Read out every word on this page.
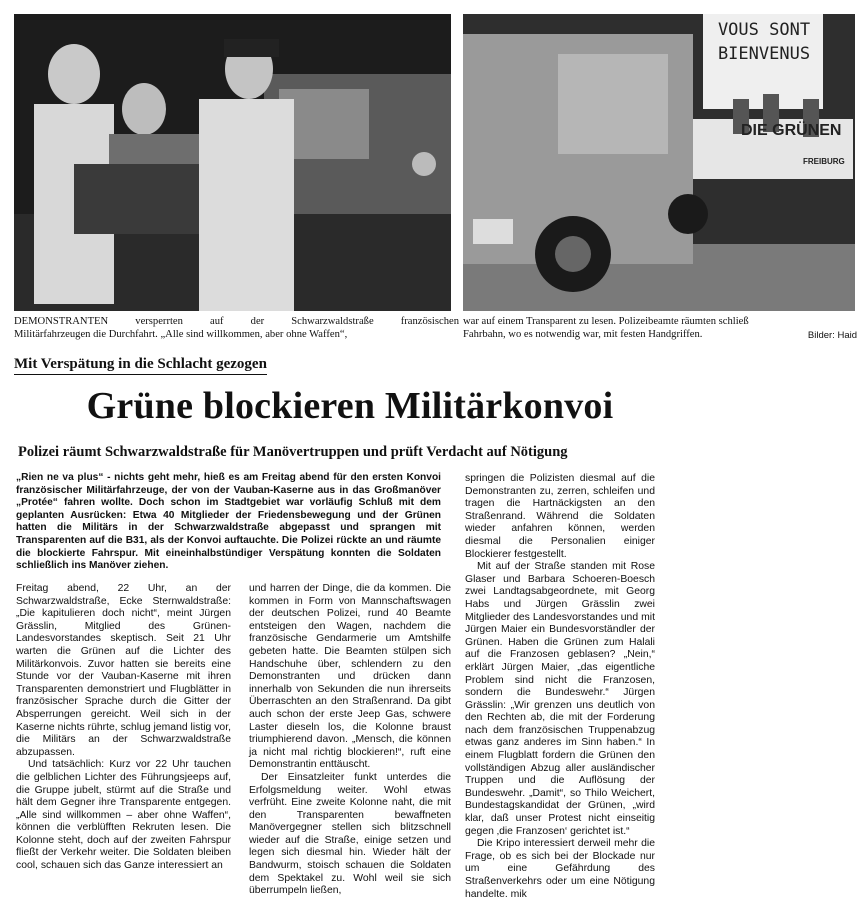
VOUS SONT
BIENVENUS
DIE GRÜNEN
FREIBURG
DEMONSTRANTEN versperrten auf der Schwarzwaldstraße französischen
Militärfahrzeugen die Durchfahrt. „Alle sind willkommen, aber ohne Waffen“,
war auf einem Transparent zu lesen. Polizeibeamte räumten schließ
Fahrbahn, wo es notwendig war, mit festen Handgriffen.	Bilder: Haid
Mit Verspätung in die Schlacht gezogen
Grüne blockieren Militärkonvoi
Polizei räumt Schwarzwaldstraße für Manövertruppen und prüft Verdacht auf Nötigung
„Rien ne va plus“ - nichts geht mehr, hieß es am Freitag abend für den ersten Konvoi französischer Militärfahrzeuge, der von der Vauban-Kaserne aus in das Großmanöver „Protée“ fahren wollte. Doch schon im Stadtgebiet war vorläufig Schluß mit dem geplanten Ausrücken: Etwa 40 Mitglieder der Friedensbewegung und der Grünen hatten die Militärs in der Schwarzwaldstraße abgepasst und sprangen mit Transparenten auf die B31, als der Konvoi auftauchte. Die Polizei rückte an und räumte die blockierte Fahrspur. Mit eineinhalbstündiger Verspätung konnten die Soldaten schließlich ins Manöver ziehen.

Freitag abend, 22 Uhr, an der Schwarzwaldstraße, Ecke Sternwaldstraße: „Die kapitulieren doch nicht“, meint Jürgen Grässlin, Mitglied des Grünen-Landesvorstandes skeptisch. Seit 21 Uhr warten die Grünen auf die Lichter des Militärkonvois. Zuvor hatten sie bereits eine Stunde vor der Vauban-Kaserne mit ihren Transparenten demonstriert und Flugblätter in französischer Sprache durch die Gitter der Absperrungen gereicht. Weil sich in der Kaserne nichts rührte, schlug jemand listig vor, die Militärs an der Schwarzwaldstraße abzupassen.

Und tatsächlich: Kurz vor 22 Uhr tauchen die gelblichen Lichter des Führungsjeeps auf, die Gruppe jubelt, stürmt auf die Straße und hält dem Gegner ihre Transparente entgegen. „Alle sind willkommen – aber ohne Waffen“, können die verblüfften Rekruten lesen. Die Kolonne steht, doch auf der zweiten Fahrspur fließt der Verkehr weiter. Die Soldaten bleiben cool, schauen sich das Ganze interessiert an

und harren der Dinge, die da kommen. Die kommen in Form von Mannschaftswagen der deutschen Polizei, rund 40 Beamte entsteigen den Wagen, nachdem die französische Gendarmerie um Amtshilfe gebeten hatte. Die Beamten stülpen sich Handschuhe über, schlendern zu den Demonstranten und drücken dann innerhalb von Sekunden die nun ihrerseits Überraschten an den Straßenrand. Da gibt auch schon der erste Jeep Gas, schwere Laster dieseln los, die Kolonne braust triumphierend davon. „Mensch, die können ja nicht mal richtig blockieren!“, ruft eine Demonstrantin enttäuscht.

Der Einsatzleiter funkt unterdes die Erfolgsmeldung weiter. Wohl etwas verfrüht. Eine zweite Kolonne naht, die mit den Transparenten bewaffneten Manövergegner stellen sich blitzschnell wieder auf die Straße, einige setzen und legen sich diesmal hin. Wieder hält der Bandwurm, stoisch schauen die Soldaten dem Spektakel zu. Wohl weil sie sich überrumpeln ließen,

springen die Polizisten diesmal auf die Demonstranten zu, zerren, schleifen und tragen die Hartnäckigsten an den Straßenrand. Während die Soldaten wieder anfahren können, werden diesmal die Personalien einiger Blockierer festgestellt.

Mit auf der Straße standen mit Rose Glaser und Barbara Schoeren-Boesch zwei Landtagsabgeordnete, mit Georg Habs und Jürgen Grässlin zwei Mitglieder des Landesvorstandes und mit Jürgen Maier ein Bundesvorständler der Grünen. Haben die Grünen zum Halali auf die Franzosen geblasen? „Nein,“ erklärt Jürgen Maier, „das eigentliche Problem sind nicht die Franzosen, sondern die Bundeswehr.“ Jürgen Grässlin: „Wir grenzen uns deutlich von den Rechten ab, die mit der Forderung nach dem französischen Truppenabzug etwas ganz anderes im Sinn haben.“ In einem Flugblatt fordern die Grünen den vollständigen Abzug aller ausländischer Truppen und die Auflösung der Bundeswehr. „Damit“, so Thilo Weichert, Bundestagskandidat der Grünen, „wird klar, daß unser Protest nicht einseitig gegen ‚die Franzosen‘ gerichtet ist.“

Die Kripo interessiert derweil mehr die Frage, ob es sich bei der Blockade nur um eine Gefährdung des Straßenverkehrs oder um eine Nötigung handelte. mik
